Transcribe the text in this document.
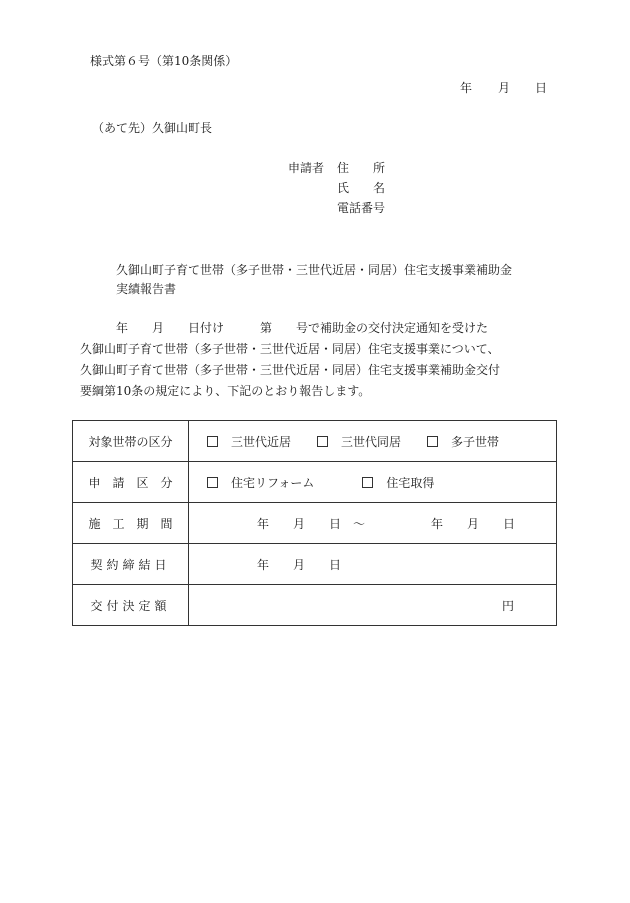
様式第６号（第10条関係）
年 月 日
（あて先）久御山町長
申請者 住　　所
氏　　名
電話番号
久御山町子育て世帯（多子世帯・三世代近居・同居）住宅支援事業補助金
実績報告書
　　　年　　月　　日付け　　　第　　号で補助金の交付決定通知を受けた
久御山町子育て世帯（多子世帯・三世代近居・同居）住宅支援事業について、
久御山町子育て世帯（多子世帯・三世代近居・同居）住宅支援事業補助金交付
要綱第10条の規定により、下記のとおり報告します。
対象世帯の区分	三世代近居 三世代同居 多子世帯

申　請　区　分	住宅リフォーム 住宅取得

施　工　期　間	年　　月　　日　～ 年　　月　　日

契約締結日	年　　月　　日

交付決定額	円
